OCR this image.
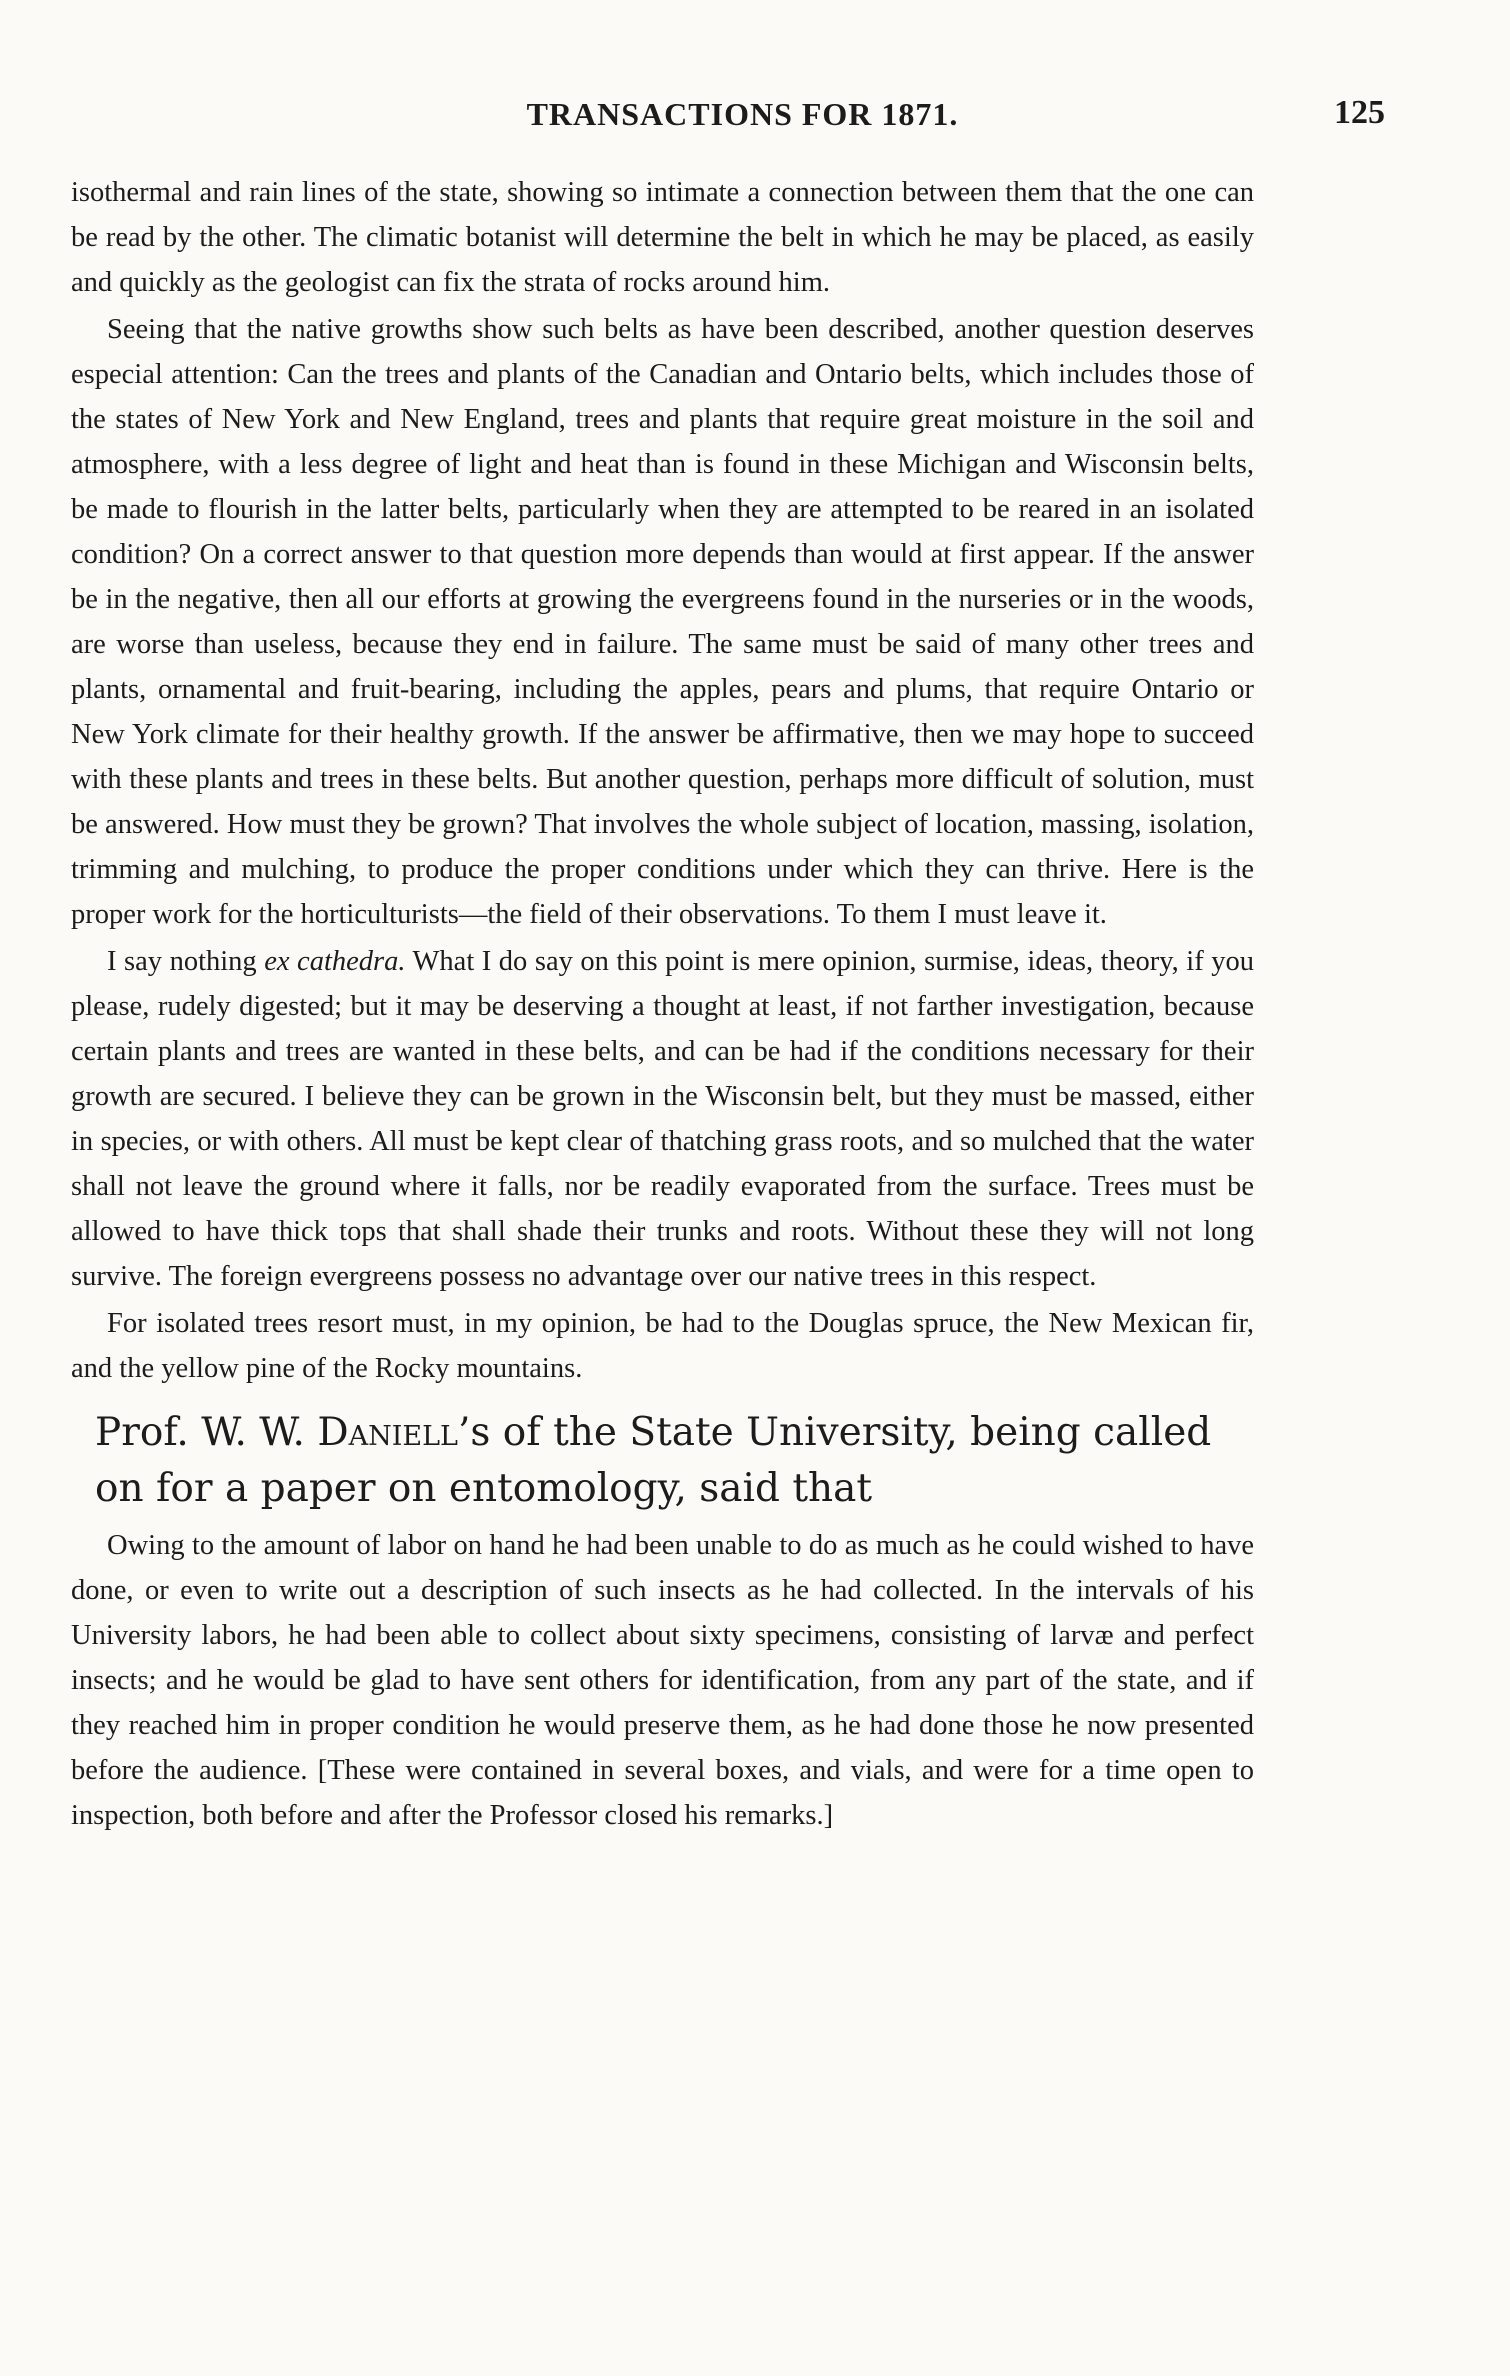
TRANSACTIONS FOR 1871.	125

isothermal and rain lines of the state, showing so intimate a connection between them that the one can be read by the other. The climatic botanist will determine the belt in which he may be placed, as easily and quickly as the geologist can fix the strata of rocks around him.

Seeing that the native growths show such belts as have been described, another question deserves especial attention: Can the trees and plants of the Canadian and Ontario belts, which includes those of the states of New York and New England, trees and plants that require great moisture in the soil and atmosphere, with a less degree of light and heat than is found in these Michigan and Wisconsin belts, be made to flourish in the latter belts, particularly when they are attempted to be reared in an isolated condition? On a correct answer to that question more depends than would at first appear. If the answer be in the negative, then all our efforts at growing the evergreens found in the nurseries or in the woods, are worse than useless, because they end in failure. The same must be said of many other trees and plants, ornamental and fruit-bearing, including the apples, pears and plums, that require Ontario or New York climate for their healthy growth. If the answer be affirmative, then we may hope to succeed with these plants and trees in these belts. But another question, perhaps more difficult of solution, must be answered. How must they be grown? That involves the whole subject of location, massing, isolation, trimming and mulching, to produce the proper conditions under which they can thrive. Here is the proper work for the horticulturists—the field of their observations. To them I must leave it.

I say nothing ex cathedra. What I do say on this point is mere opinion, surmise, ideas, theory, if you please, rudely digested; but it may be deserving a thought at least, if not farther investigation, because certain plants and trees are wanted in these belts, and can be had if the conditions necessary for their growth are secured. I believe they can be grown in the Wisconsin belt, but they must be massed, either in species, or with others. All must be kept clear of thatching grass roots, and so mulched that the water shall not leave the ground where it falls, nor be readily evaporated from the surface. Trees must be allowed to have thick tops that shall shade their trunks and roots. Without these they will not long survive. The foreign evergreens possess no advantage over our native trees in this respect.

For isolated trees resort must, in my opinion, be had to the Douglas spruce, the New Mexican fir, and the yellow pine of the Rocky mountains.

Prof. W. W. Daniell’s of the State University, being called on for a paper on entomology, said that

Owing to the amount of labor on hand he had been unable to do as much as he could wished to have done, or even to write out a description of such insects as he had collected. In the intervals of his University labors, he had been able to collect about sixty specimens, consisting of larvæ and perfect insects; and he would be glad to have sent others for identification, from any part of the state, and if they reached him in proper condition he would preserve them, as he had done those he now presented before the audience. [These were contained in several boxes, and vials, and were for a time open to inspection, both before and after the Professor closed his remarks.]
